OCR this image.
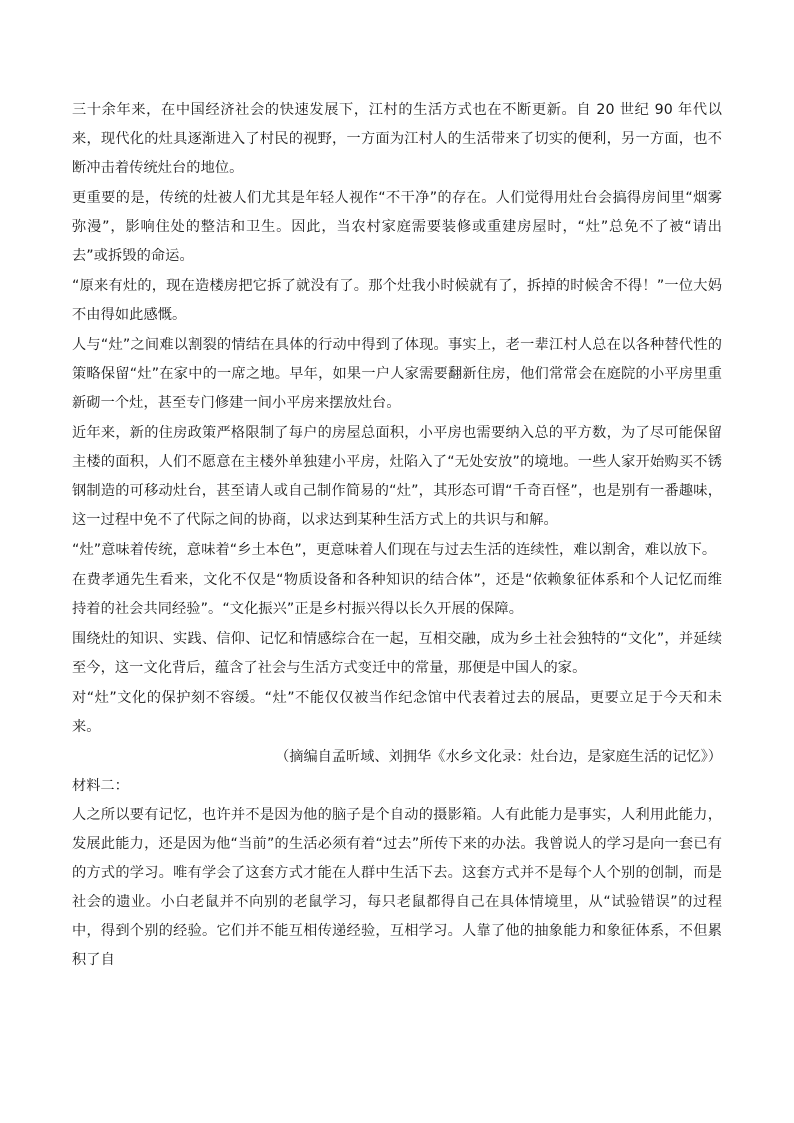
三十余年来，在中国经济社会的快速发展下，江村的生活方式也在不断更新。自 20 世纪 90 年代以来，现代化的灶具逐渐进入了村民的视野，一方面为江村人的生活带来了切实的便利，另一方面，也不断冲击着传统灶台的地位。

更重要的是，传统的灶被人们尤其是年轻人视作“不干净”的存在。人们觉得用灶台会搞得房间里“烟雾弥漫”，影响住处的整洁和卫生。因此，当农村家庭需要装修或重建房屋时，“灶”总免不了被“请出去”或拆毁的命运。

“原来有灶的，现在造楼房把它拆了就没有了。那个灶我小时候就有了，拆掉的时候舍不得！”一位大妈不由得如此感慨。

人与“灶”之间难以割裂的情结在具体的行动中得到了体现。事实上，老一辈江村人总在以各种替代性的策略保留“灶”在家中的一席之地。早年，如果一户人家需要翻新住房，他们常常会在庭院的小平房里重新砌一个灶，甚至专门修建一间小平房来摆放灶台。

近年来，新的住房政策严格限制了每户的房屋总面积，小平房也需要纳入总的平方数，为了尽可能保留主楼的面积，人们不愿意在主楼外单独建小平房，灶陷入了“无处安放”的境地。一些人家开始购买不锈钢制造的可移动灶台，甚至请人或自己制作简易的“灶”，其形态可谓“千奇百怪”，也是别有一番趣味，这一过程中免不了代际之间的协商，以求达到某种生活方式上的共识与和解。

“灶”意味着传统，意味着“乡土本色”，更意味着人们现在与过去生活的连续性，难以割舍，难以放下。

在费孝通先生看来，文化不仅是“物质设备和各种知识的结合体”，还是“依赖象征体系和个人记忆而维持着的社会共同经验”。“文化振兴”正是乡村振兴得以长久开展的保障。

围绕灶的知识、实践、信仰、记忆和情感综合在一起，互相交融，成为乡土社会独特的“文化”，并延续至今，这一文化背后，蕴含了社会与生活方式变迁中的常量，那便是中国人的家。

对“灶”文化的保护刻不容缓。“灶”不能仅仅被当作纪念馆中代表着过去的展品，更要立足于今天和未来。

（摘编自孟昕域、刘拥华《水乡文化录：灶台边，是家庭生活的记忆》）

材料二：

人之所以要有记忆，也许并不是因为他的脑子是个自动的摄影箱。人有此能力是事实，人利用此能力，发展此能力，还是因为他“当前”的生活必须有着“过去”所传下来的办法。我曾说人的学习是向一套已有的方式的学习。唯有学会了这套方式才能在人群中生活下去。这套方式并不是每个人个别的创制，而是社会的遗业。小白老鼠并不向别的老鼠学习，每只老鼠都得自己在具体情境里，从“试验错误”的过程中，得到个别的经验。它们并不能互相传递经验，互相学习。人靠了他的抽象能力和象征体系，不但累积了自
